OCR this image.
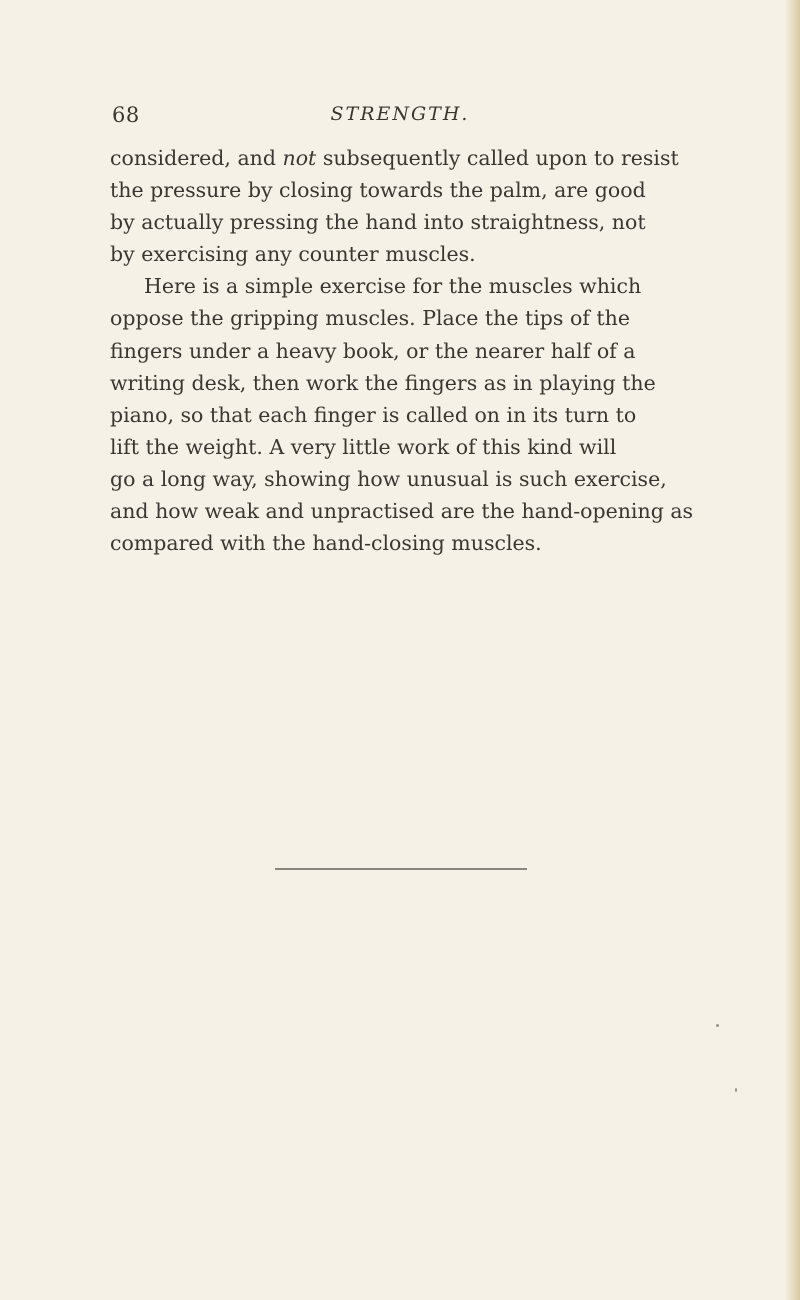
68	STRENGTH.
considered, and not subsequently called upon to resist
the pressure by closing towards the palm, are good
by actually pressing the hand into straightness, not
by exercising any counter muscles.
Here is a simple exercise for the muscles which
oppose the gripping muscles. Place the tips of the
fingers under a heavy book, or the nearer half of a
writing desk, then work the fingers as in playing the
piano, so that each finger is called on in its turn to
lift the weight. A very little work of this kind will
go a long way, showing how unusual is such exercise,
and how weak and unpractised are the hand-opening as
compared with the hand-closing muscles.
